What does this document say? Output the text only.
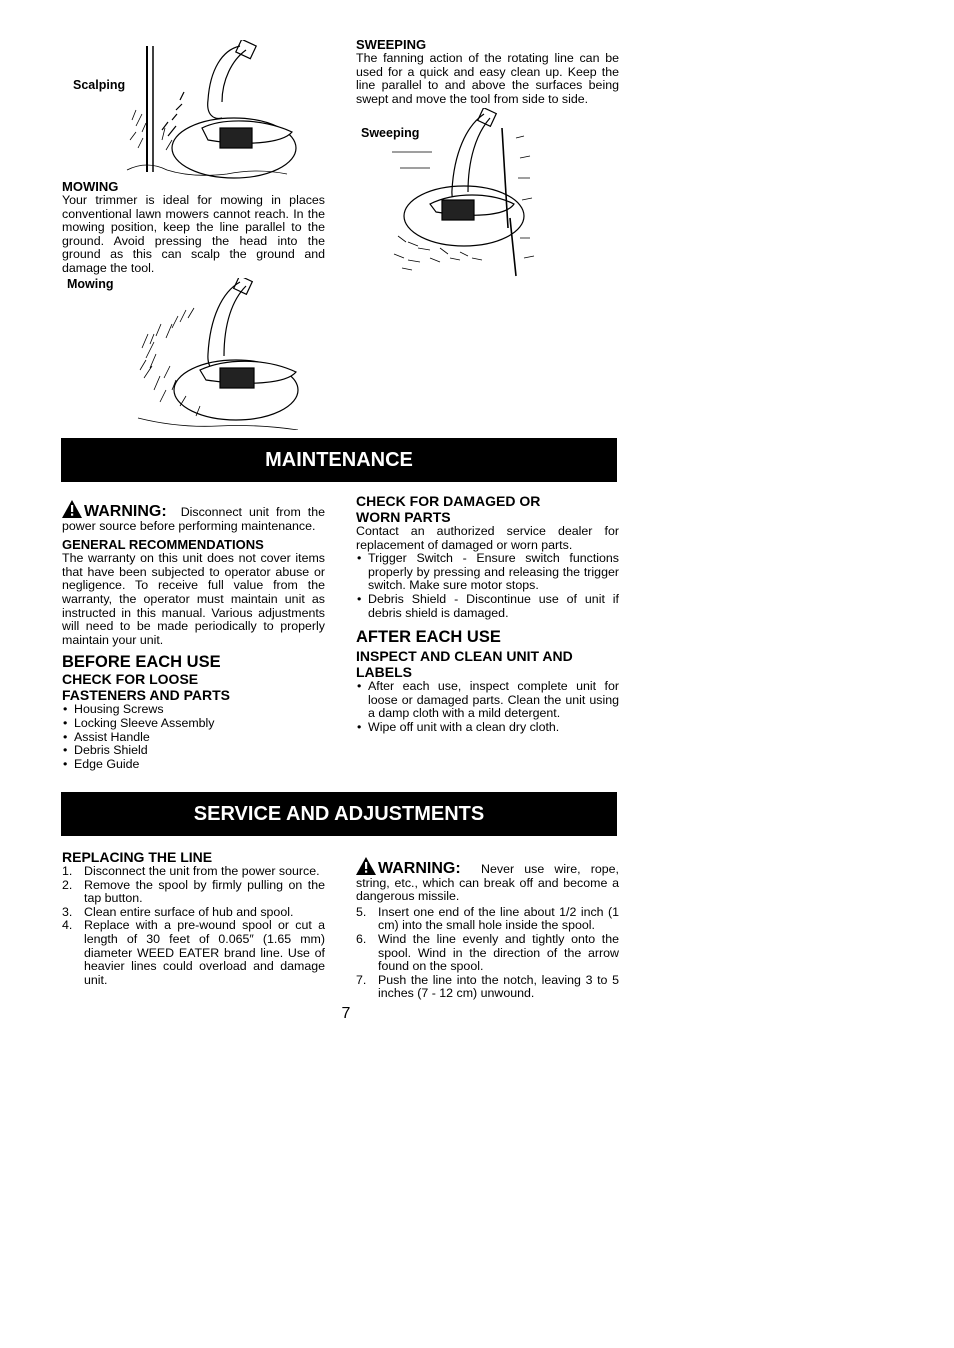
Scalping

MOWING

Your trimmer is ideal for mowing in places conventional lawn mowers cannot reach. In the mowing position, keep the line parallel to the ground. Avoid pressing the head into the ground as this can scalp the ground and damage the tool.

Mowing

SWEEPING

The fanning action of the rotating line can be used for a quick and easy clean up. Keep the line parallel to and above the surfaces being swept and move the tool from side to side.

Sweeping
MAINTENANCE

WARNING: Disconnect unit from the power source before performing maintenance.

GENERAL RECOMMENDATIONS

The warranty on this unit does not cover items that have been subjected to operator abuse or negligence. To receive full value from the warranty, the operator must maintain unit as instructed in this manual. Various adjustments will need to be made periodically to properly maintain your unit.

BEFORE EACH USE

CHECK FOR LOOSE

FASTENERS AND PARTS

• Housing Screws
• Locking Sleeve Assembly
• Assist Handle
• Debris Shield
• Edge Guide

CHECK FOR DAMAGED OR

WORN PARTS

Contact an authorized service dealer for replacement of damaged or worn parts.

• Trigger Switch - Ensure switch functions properly by pressing and releasing the trigger switch. Make sure motor stops.
• Debris Shield - Discontinue use of unit if debris shield is damaged.

AFTER EACH USE

INSPECT AND CLEAN UNIT AND LABELS

• After each use, inspect complete unit for loose or damaged parts. Clean the unit using a damp cloth with a mild detergent.
• Wipe off unit with a clean dry cloth.
SERVICE AND ADJUSTMENTS

REPLACING THE LINE

1. Disconnect the unit from the power source.
2. Remove the spool by firmly pulling on the tap button.
3. Clean entire surface of hub and spool.
4. Replace with a pre-wound spool or cut a length of 30 feet of 0.065″ (1.65 mm) diameter WEED EATER brand line. Use of heavier lines could overload and damage unit.

WARNING: Never use wire, rope, string, etc., which can break off and become a dangerous missile.

5. Insert one end of the line about 1/2 inch (1 cm) into the small hole inside the spool.
6. Wind the line evenly and tightly onto the spool. Wind in the direction of the arrow found on the spool.
7. Push the line into the notch, leaving 3 to 5 inches (7 - 12 cm) unwound.
7
